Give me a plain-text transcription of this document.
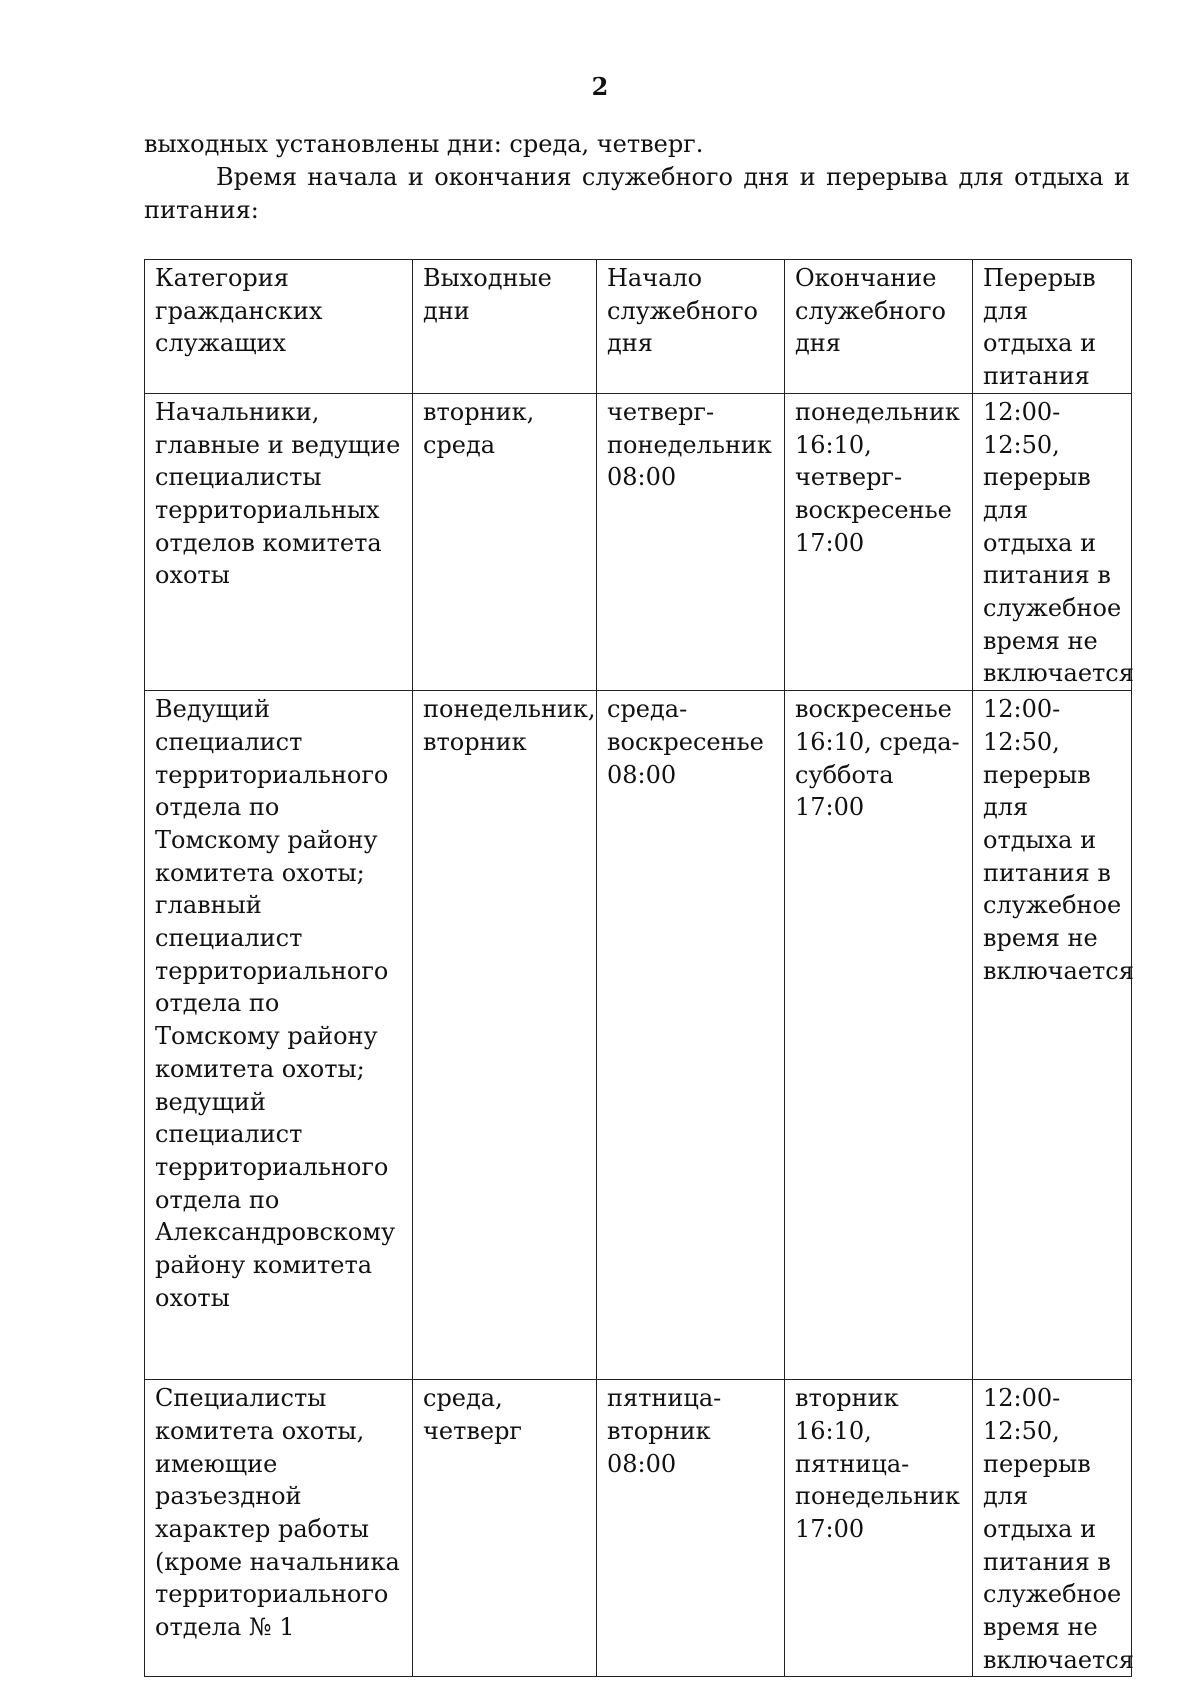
2
выходных установлены дни: среда, четверг.
Время начала и окончания служебного дня и перерыва для отдыха и питания:
Категория гражданских служащих	Выходные дни	Начало служебного дня	Окончание служебного дня	Перерыв для отдыха и питания
Начальники, главные и ведущие специалисты территориальных отделов комитета охоты	вторник, среда	четверг-понедельник 08:00	понедельник 16:10, четверг-воскресенье 17:00	12:00-12:50, перерыв для отдыха и питания в служебное время не включается
Ведущий специалист территориального отдела по Томскому району комитета охоты; главный специалист территориального отдела по Томскому району комитета охоты; ведущий специалист территориального отдела по Александровскому району комитета охоты	понедельник, вторник	среда-воскресенье 08:00	воскресенье 16:10, среда-суббота 17:00	12:00-12:50, перерыв для отдыха и питания в служебное время не включается
Специалисты комитета охоты, имеющие разъездной характер работы (кроме начальника территориального отдела № 1	среда, четверг	пятница-вторник 08:00	вторник 16:10, пятница-понедельник 17:00	12:00-12:50, перерыв для отдыха и питания в служебное время не включается
